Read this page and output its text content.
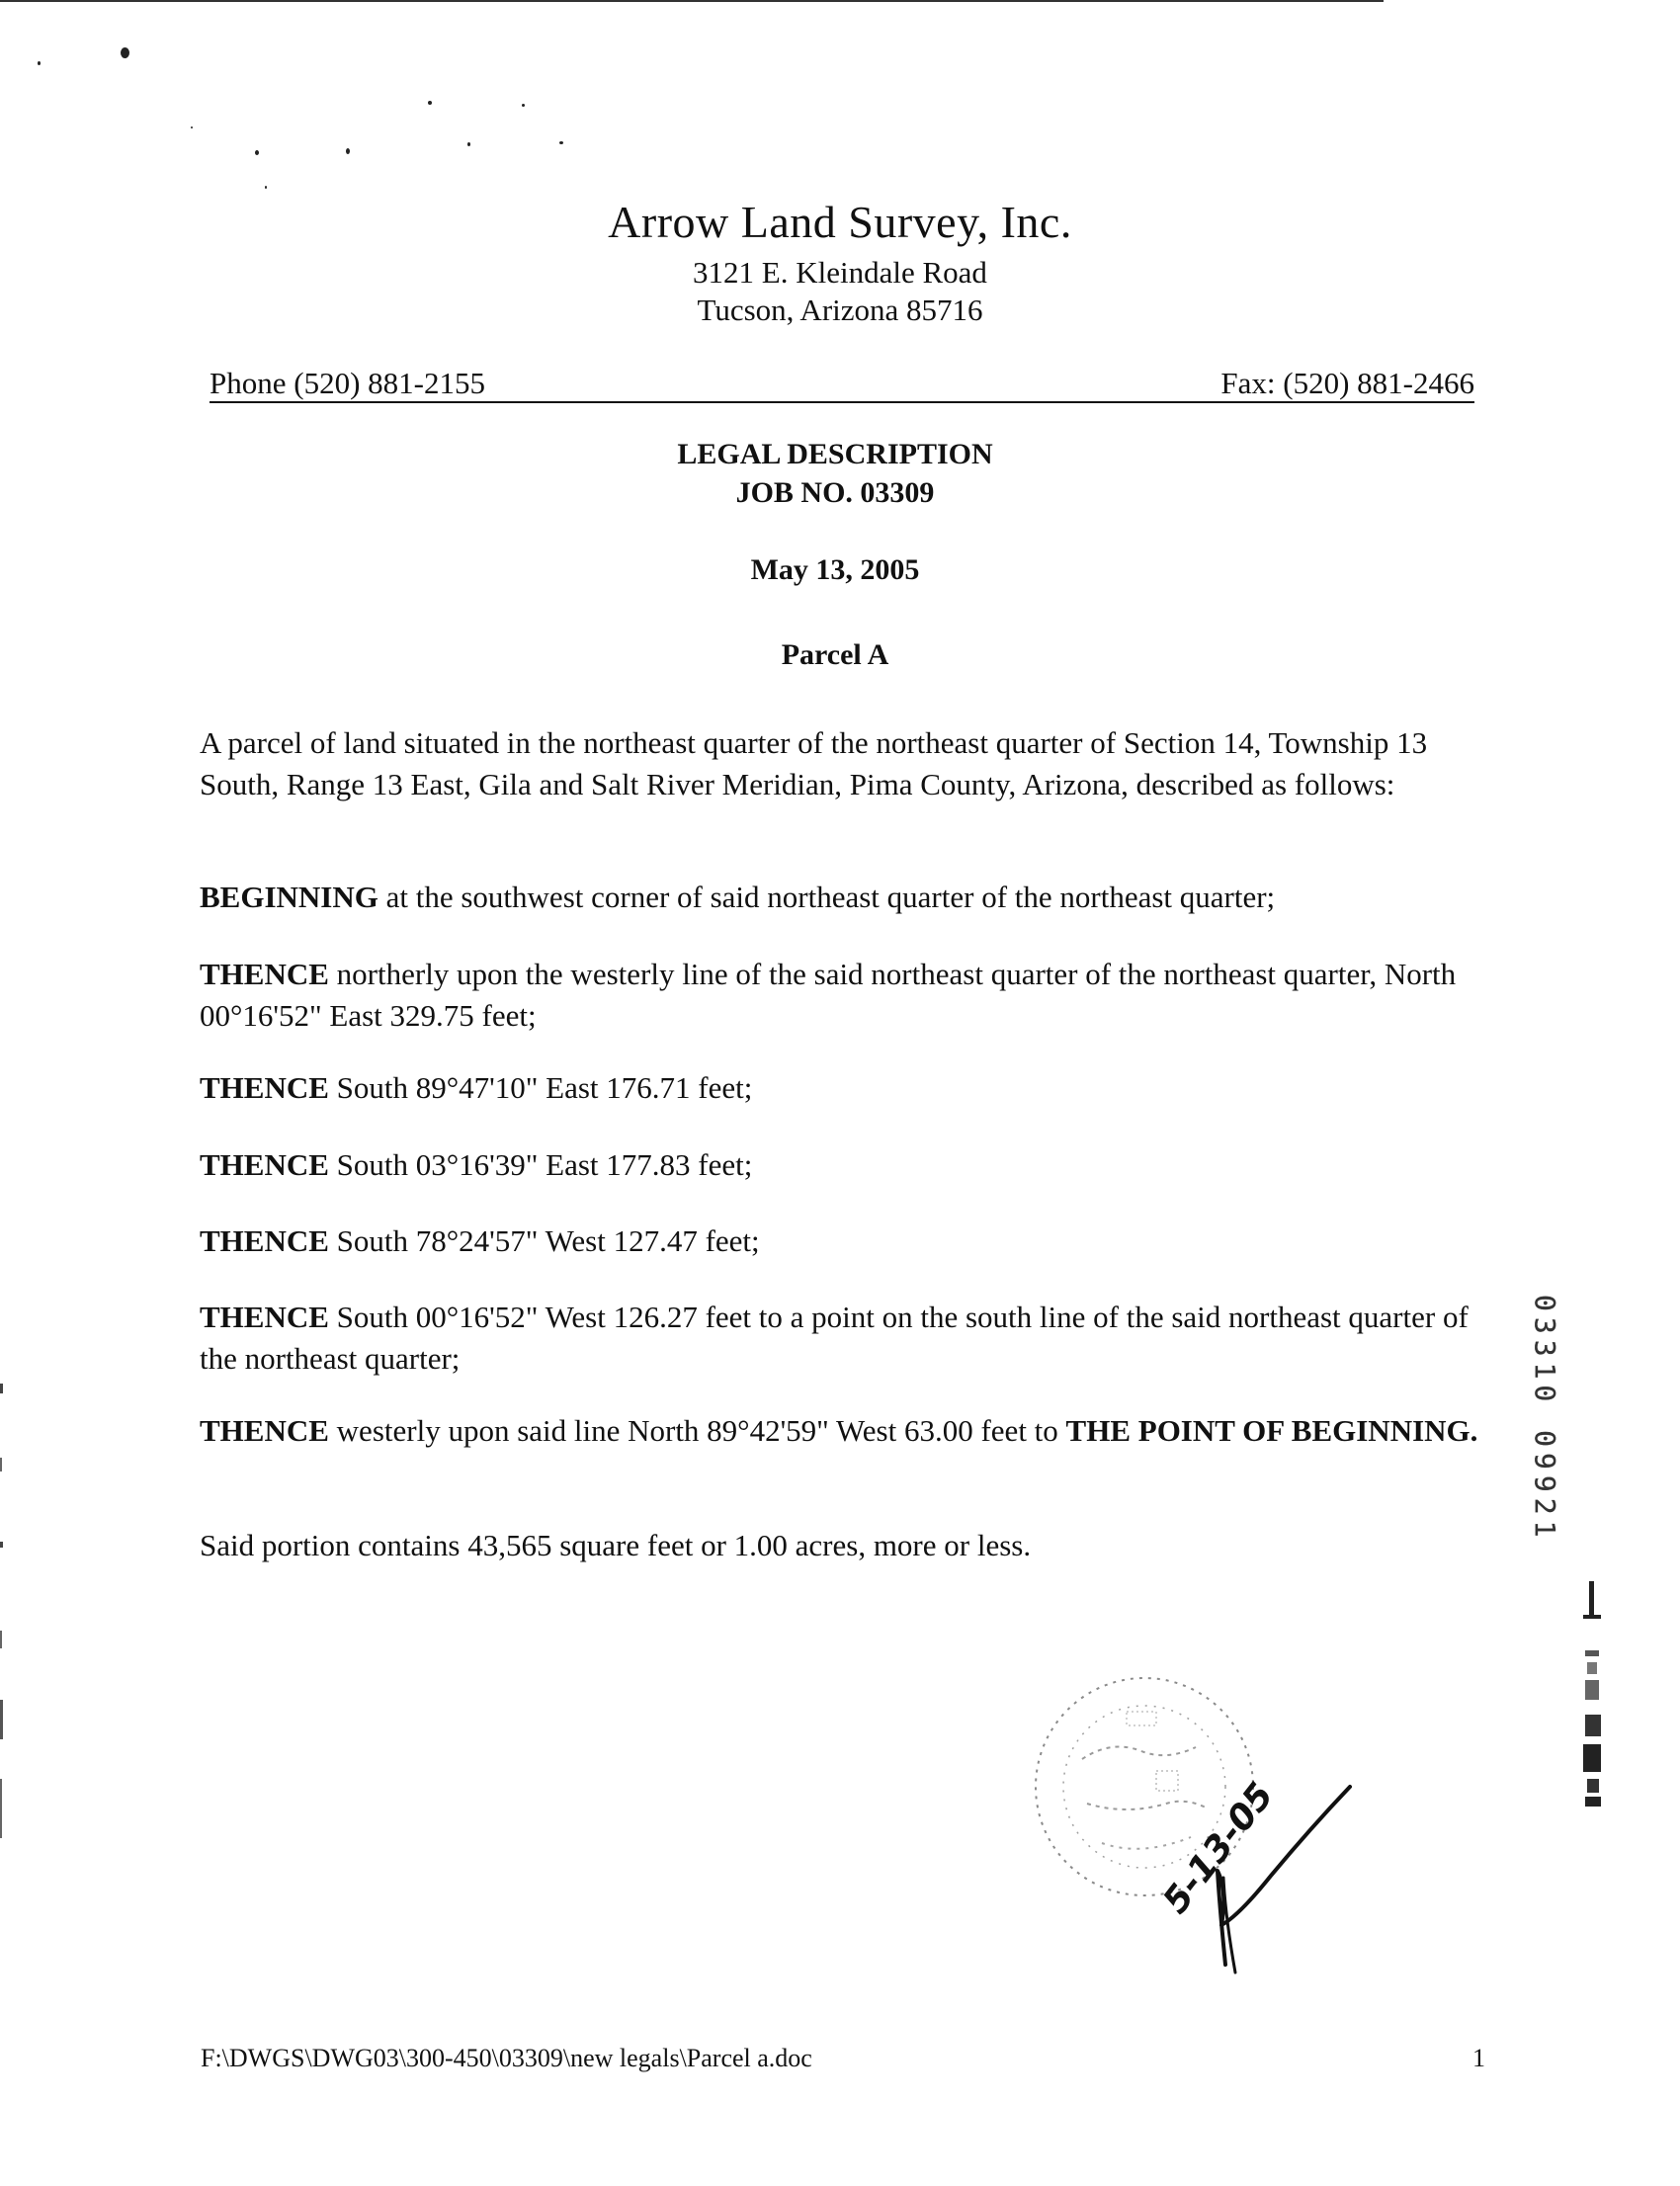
Arrow Land Survey, Inc.
3121 E. Kleindale Road
Tucson, Arizona 85716
Phone (520) 881-2155	Fax: (520) 881-2466
LEGAL DESCRIPTION
JOB NO. 03309
May 13, 2005
Parcel A

A parcel of land situated in the northeast quarter of the northeast quarter of Section 14, Township 13 South, Range 13 East, Gila and Salt River Meridian, Pima County, Arizona, described as follows:

BEGINNING at the southwest corner of said northeast quarter of the northeast quarter;

THENCE northerly upon the westerly line of the said northeast quarter of the northeast quarter, North 00°16'52" East 329.75 feet;

THENCE South 89°47'10" East 176.71 feet;

THENCE South 03°16'39" East 177.83 feet;

THENCE South 78°24'57" West 127.47 feet;

THENCE South 00°16'52" West 126.27 feet to a point on the south line of the said northeast quarter of the northeast quarter;

THENCE westerly upon said line North 89°42'59" West 63.00 feet to THE POINT OF BEGINNING.

Said portion contains 43,565 square feet or 1.00 acres, more or less.

03310 09921
5-13-05
F:\DWGS\DWG03\300-450\03309\new legals\Parcel a.doc	1
